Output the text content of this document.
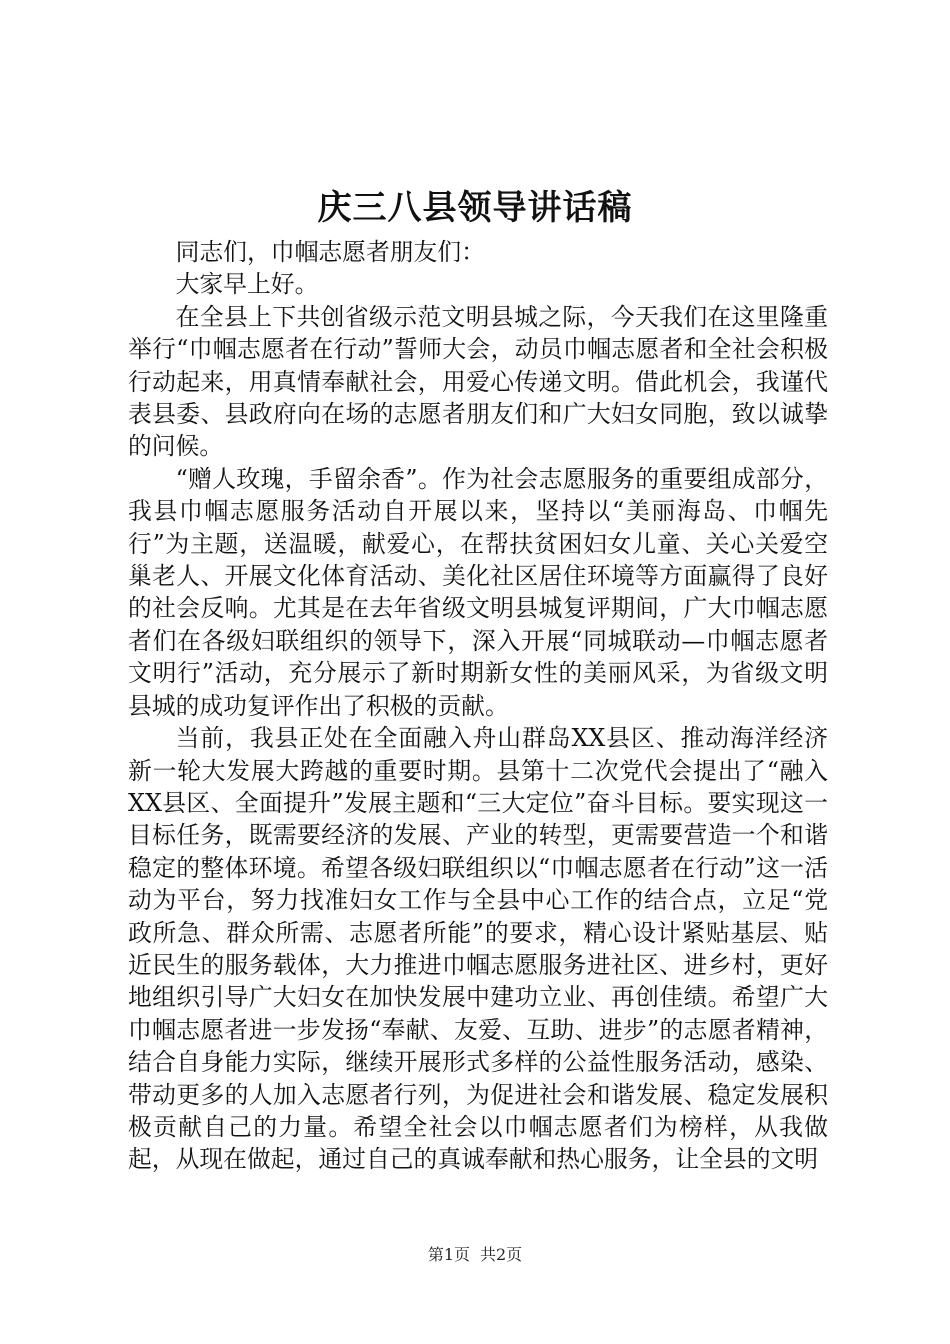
庆三八县领导讲话稿

同志们，巾帼志愿者朋友们：

大家早上好。

在全县上下共创省级示范文明县城之际，今天我们在这里隆重举行“巾帼志愿者在行动”誓师大会，动员巾帼志愿者和全社会积极行动起来，用真情奉献社会，用爱心传递文明。借此机会，我谨代表县委、县政府向在场的志愿者朋友们和广大妇女同胞，致以诚挚的问候。

“赠人玫瑰，手留余香”。作为社会志愿服务的重要组成部分，我县巾帼志愿服务活动自开展以来，坚持以“美丽海岛、巾帼先行”为主题，送温暖，献爱心，在帮扶贫困妇女儿童、关心关爱空巢老人、开展文化体育活动、美化社区居住环境等方面赢得了良好的社会反响。尤其是在去年省级文明县城复评期间，广大巾帼志愿者们在各级妇联组织的领导下，深入开展“同城联动—巾帼志愿者文明行”活动，充分展示了新时期新女性的美丽风采，为省级文明县城的成功复评作出了积极的贡献。

当前，我县正处在全面融入舟山群岛XX县区、推动海洋经济新一轮大发展大跨越的重要时期。县第十二次党代会提出了“融入XX县区、全面提升”发展主题和“三大定位”奋斗目标。要实现这一目标任务，既需要经济的发展、产业的转型，更需要营造一个和谐稳定的整体环境。希望各级妇联组织以“巾帼志愿者在行动”这一活动为平台，努力找准妇女工作与全县中心工作的结合点，立足“党政所急、群众所需、志愿者所能”的要求，精心设计紧贴基层、贴近民生的服务载体，大力推进巾帼志愿服务进社区、进乡村，更好地组织引导广大妇女在加快发展中建功立业、再创佳绩。希望广大巾帼志愿者进一步发扬“奉献、友爱、互助、进步”的志愿者精神，结合自身能力实际，继续开展形式多样的公益性服务活动，感染、带动更多的人加入志愿者行列，为促进社会和谐发展、稳定发展积极贡献自己的力量。希望全社会以巾帼志愿者们为榜样，从我做起，从现在做起，通过自己的真诚奉献和热心服务，让全县的文明

第1页 共2页
